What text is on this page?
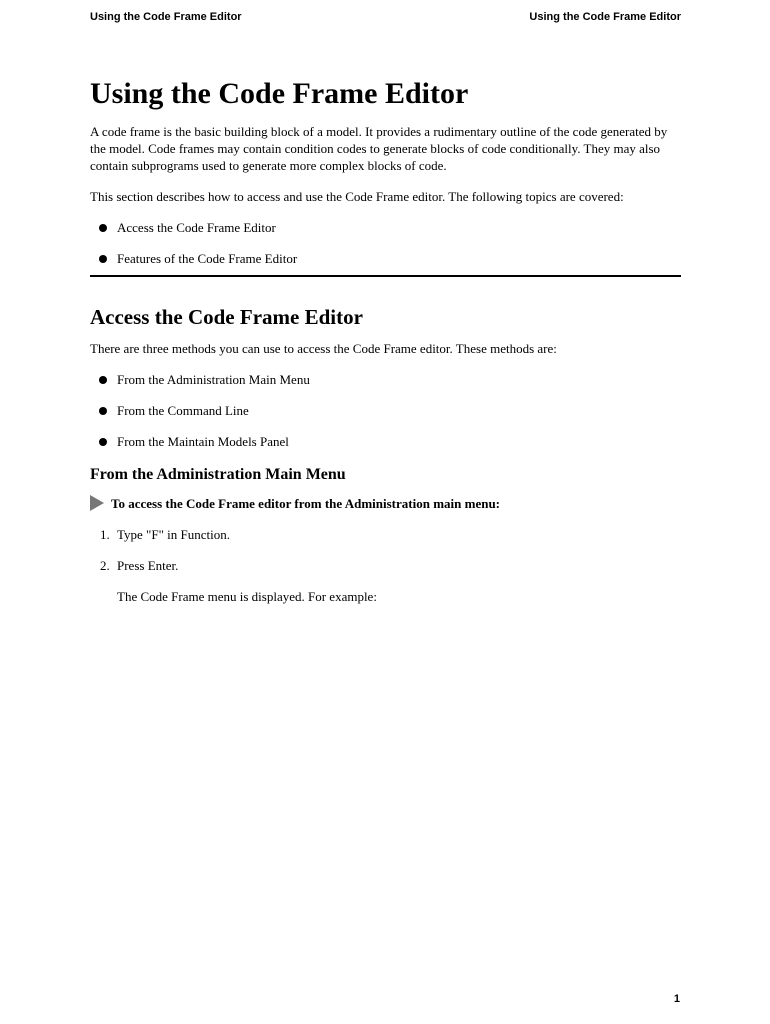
Using the Code Frame Editor	Using the Code Frame Editor
Using the Code Frame Editor

A code frame is the basic building block of a model. It provides a rudimentary outline of the code generated by the model. Code frames may contain condition codes to generate blocks of code conditionally. They may also contain subprograms used to generate more complex blocks of code.

This section describes how to access and use the Code Frame editor. The following topics are covered:

Access the Code Frame Editor
Features of the Code Frame Editor
Access the Code Frame Editor

There are three methods you can use to access the Code Frame editor. These methods are:

From the Administration Main Menu
From the Command Line
From the Maintain Models Panel
From the Administration Main Menu
To access the Code Frame editor from the Administration main menu:
1. Type "F" in Function.
2. Press Enter.

The Code Frame menu is displayed. For example:

1
